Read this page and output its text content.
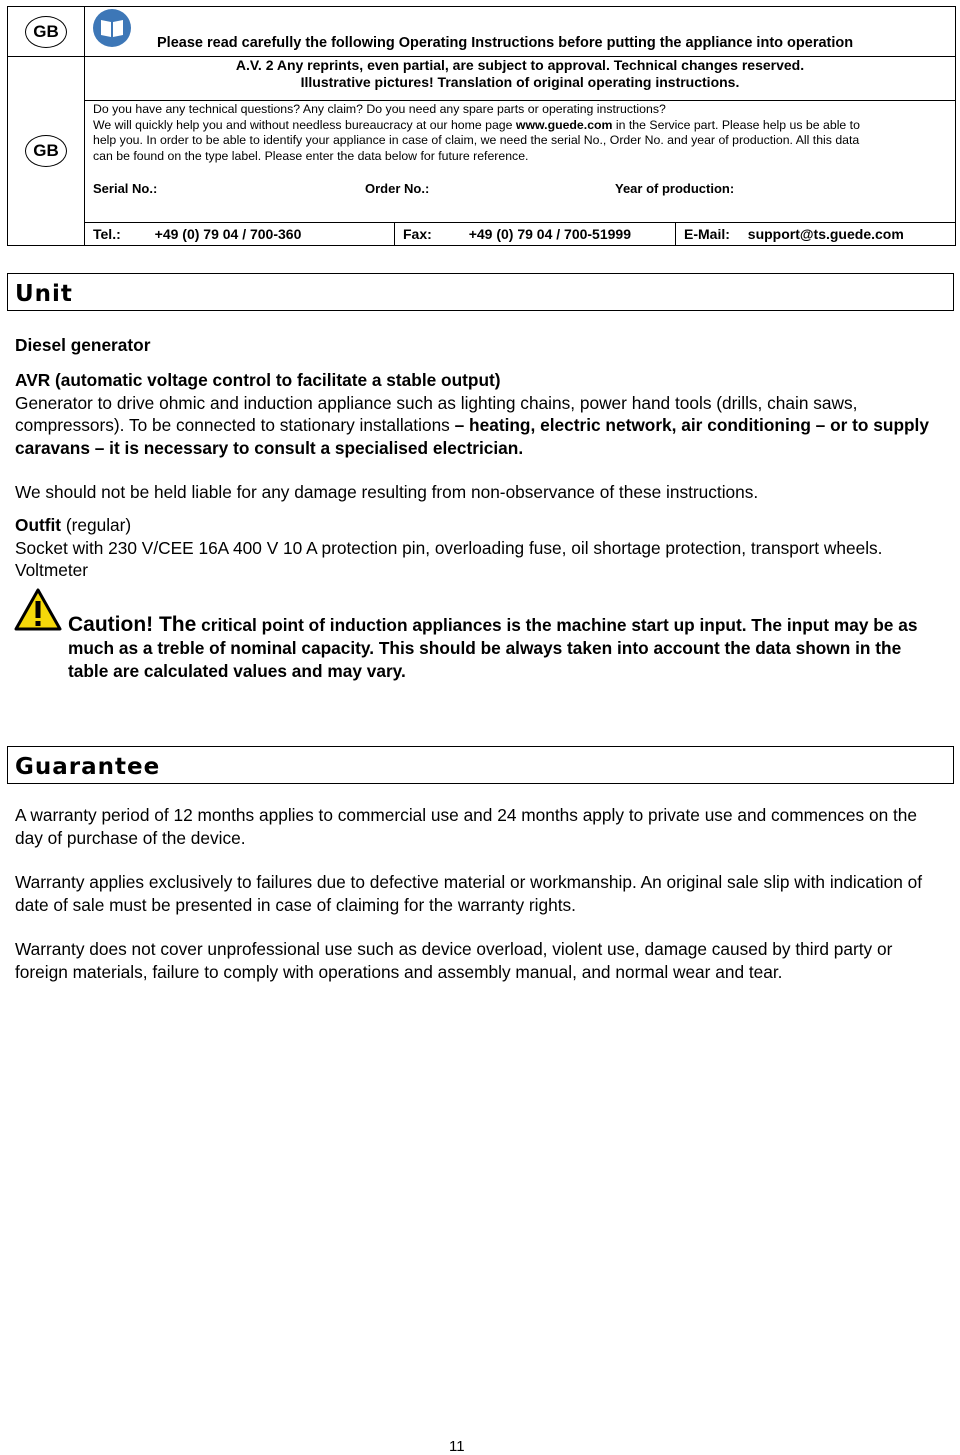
GB	
GB	
A.V. 2 Any reprints, even partial, are subject to approval. Technical changes reserved.
Illustrative pictures! Translation of original operating instructions.

Do you have any technical questions? Any claim? Do you need any spare parts or operating instructions?
We will quickly help you and without needless bureaucracy at our home page www.guede.com in the Service part. Please help us be able to
help you. In order to be able to identify your appliance in case of claim, we need the serial No., Order No. and year of production. All this data
can be found on the type label. Please enter the data below for future reference.
Serial No.:	Order No.:	Year of production:

Tel.: +49 (0) 79 04 / 700-360	Fax:	+49 (0) 79 04 / 700-51999	E-Mail: support@ts.guede.com
Please read carefully the following Operating Instructions before putting the appliance into operation
Unit
Diesel generator
AVR (automatic voltage control to facilitate a stable output)
Generator to drive ohmic and induction appliance such as lighting chains, power hand tools (drills, chain saws, compressors). To be connected to stationary installations – heating, electric network, air conditioning – or to supply caravans – it is necessary to consult a specialised electrician.
We should not be held liable for any damage resulting from non-observance of these instructions.
Outfit (regular)
Socket with 230 V/CEE 16A 400 V 10 A protection pin, overloading fuse, oil shortage protection, transport wheels. Voltmeter
Caution! The critical point of induction appliances is the machine start up input. The input may be as much as a treble of nominal capacity. This should be always taken into account the data shown in the table are calculated values and may vary.
Guarantee
A warranty period of 12 months applies to commercial use and 24 months apply to private use and commences on the day of purchase of the device.
Warranty applies exclusively to failures due to defective material or workmanship. An original sale slip with indication of date of sale must be presented in case of claiming for the warranty rights.
Warranty does not cover unprofessional use such as device overload, violent use, damage caused by third party or foreign materials, failure to comply with operations and assembly manual, and normal wear and tear.
11
